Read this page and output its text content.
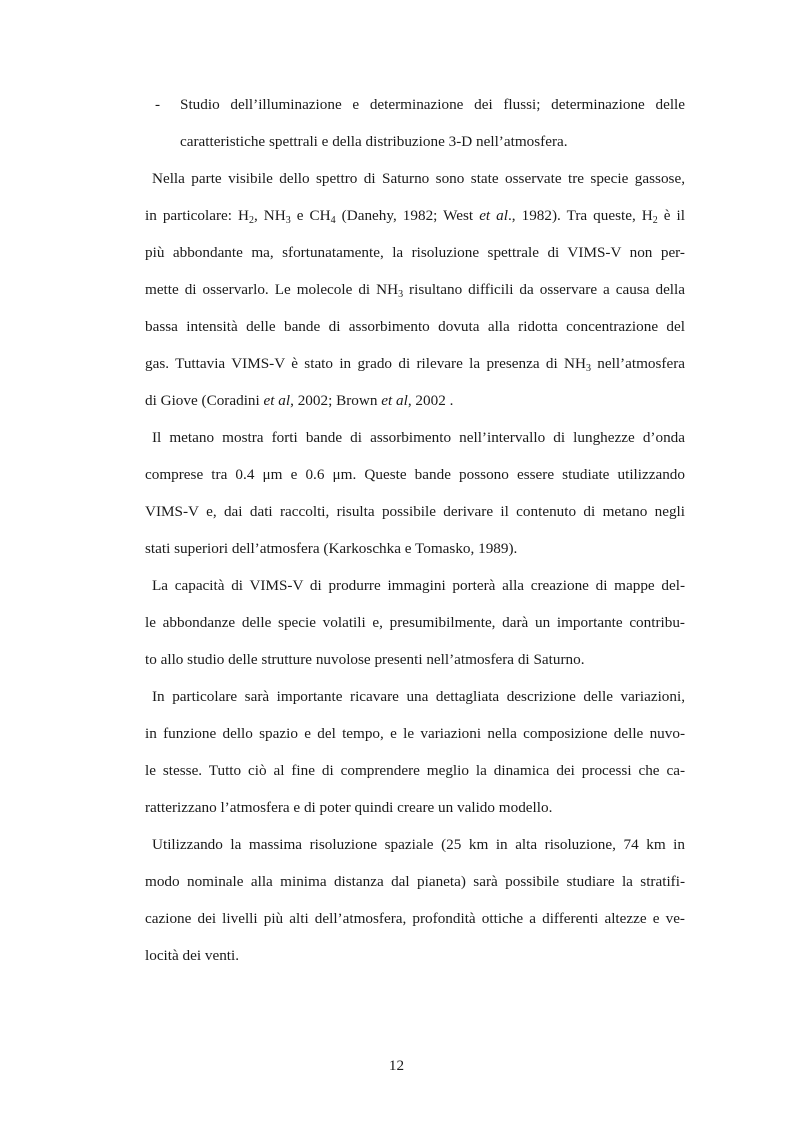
- Studio dell’illuminazione e determinazione dei flussi; determinazione delle
caratteristiche spettrali e della distribuzione 3-D nell’atmosfera.
Nella parte visibile dello spettro di Saturno sono state osservate tre specie gassose,
in particolare: $H_2$, $NH_3$ e $CH_4$ (Danehy, 1982; West et al., 1982). Tra queste, $H_2$ è il
più abbondante ma, sfortunatamente, la risoluzione spettrale di VIMS-V non per-
mette di osservarlo. Le molecole di $NH_3$ risultano difficili da osservare a causa della
bassa intensità delle bande di assorbimento dovuta alla ridotta concentrazione del
gas. Tuttavia VIMS-V è stato in grado di rilevare la presenza di $NH_3$ nell’atmosfera
di Giove (Coradini et al, 2002; Brown et al, 2002 .
Il metano mostra forti bande di assorbimento nell’intervallo di lunghezze d’onda
comprese tra 0.4 μm e 0.6 μm. Queste bande possono essere studiate utilizzando
VIMS-V e, dai dati raccolti, risulta possibile derivare il contenuto di metano negli
stati superiori dell’atmosfera (Karkoschka e Tomasko, 1989).
La capacità di VIMS-V di produrre immagini porterà alla creazione di mappe del-
le abbondanze delle specie volatili e, presumibilmente, darà un importante contribu-
to allo studio delle strutture nuvolose presenti nell’atmosfera di Saturno.
In particolare sarà importante ricavare una dettagliata descrizione delle variazioni,
in funzione dello spazio e del tempo, e le variazioni nella composizione delle nuvo-
le stesse. Tutto ciò al fine di comprendere meglio la dinamica dei processi che ca-
ratterizzano l’atmosfera e di poter quindi creare un valido modello.
Utilizzando la massima risoluzione spaziale (25 km in alta risoluzione, 74 km in
modo nominale alla minima distanza dal pianeta) sarà possibile studiare la stratifi-
cazione dei livelli più alti dell’atmosfera, profondità ottiche a differenti altezze e ve-
locità dei venti.
12
